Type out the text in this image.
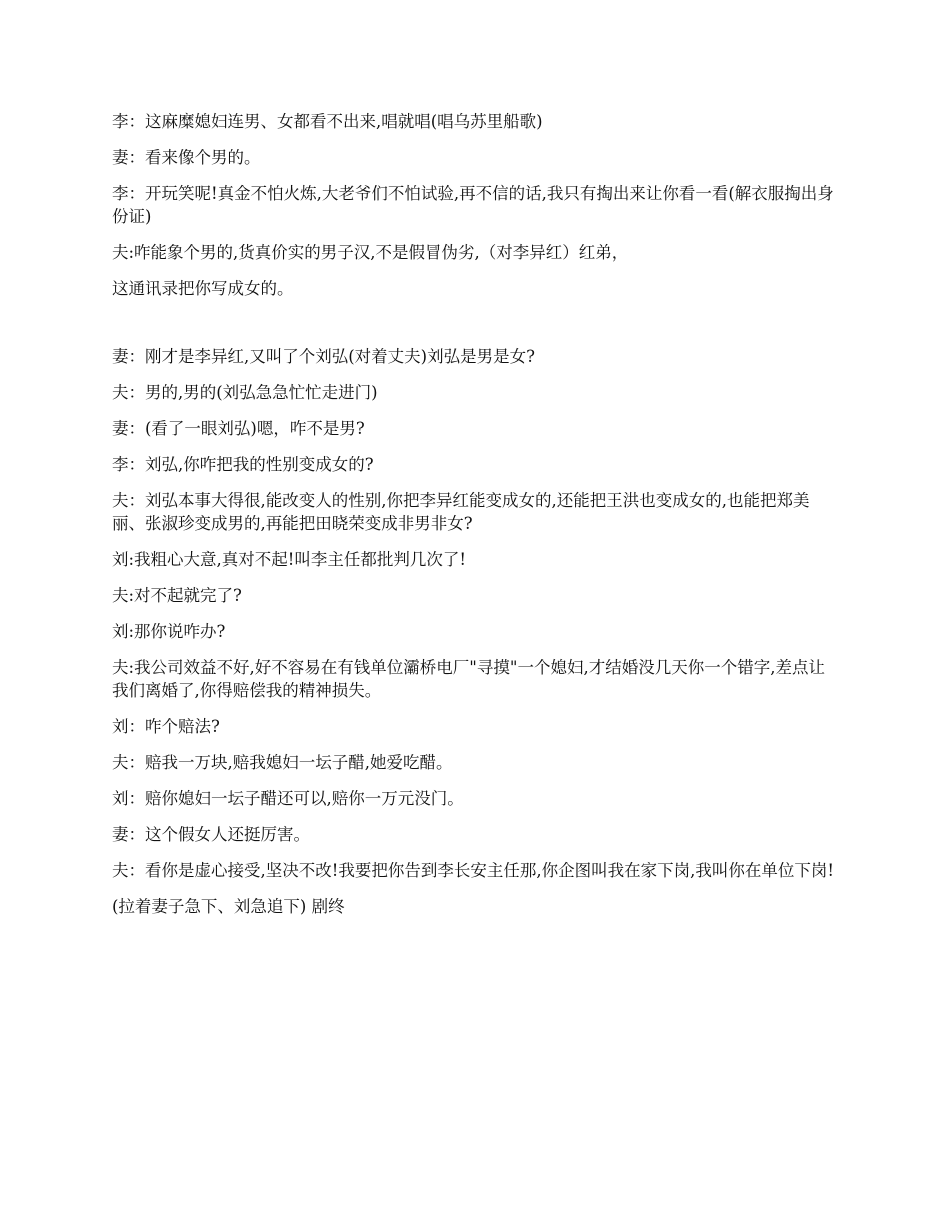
李：这麻糜媳妇连男、女都看不出来,唱就唱(唱乌苏里船歌)

妻：看来像个男的。

李：开玩笑呢!真金不怕火炼,大老爷们不怕试验,再不信的话,我只有掏出来让你看一看(解衣服掏出身份证)

夫:咋能象个男的,货真价实的男子汉,不是假冒伪劣,（对李异红）红弟，

这通讯录把你写成女的。

妻：刚才是李异红,又叫了个刘弘(对着丈夫)刘弘是男是女?

夫：男的,男的(刘弘急急忙忙走进门)

妻：(看了一眼刘弘)嗯，咋不是男?

李：刘弘,你咋把我的性别变成女的?

夫：刘弘本事大得很,能改变人的性别,你把李异红能变成女的,还能把王洪也变成女的,也能把郑美丽、张淑珍变成男的,再能把田晓荣变成非男非女?

刘:我粗心大意,真对不起!叫李主任都批判几次了!

夫:对不起就完了?

刘:那你说咋办?

夫:我公司效益不好,好不容易在有钱单位灞桥电厂"寻摸"一个媳妇,才结婚没几天你一个错字,差点让我们离婚了,你得赔偿我的精神损失。

刘：咋个赔法?

夫：赔我一万块,赔我媳妇一坛子醋,她爱吃醋。

刘：赔你媳妇一坛子醋还可以,赔你一万元没门。

妻：这个假女人还挺厉害。

夫：看你是虚心接受,坚决不改!我要把你告到李长安主任那,你企图叫我在家下岗,我叫你在单位下岗!

(拉着妻子急下、刘急追下) 剧终
